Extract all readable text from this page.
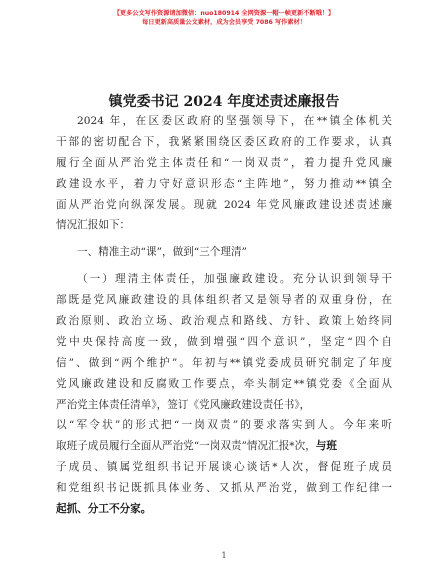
【更多公文写作资源请加微信：nuo180914 全网资源一帽一帧更新不断哦！】
每日更新高质量公文素材，成为会员享受 7086 写作素材！
镇党委书记 2024 年度述责述廉报告
2024 年，在区委区政府的坚强领导下，在**镇全体机关
干部的密切配合下，我紧紧围绕区委区政府的工作要求，认真
履行全面从严治党主体责任和“一岗双责”，着力提升党风廉
政建设水平，着力守好意识形态“主阵地”，努力推动**镇全
面从严治党向纵深发展。现就 2024 年党风廉政建设述责述廉
情况汇报如下：
一、精准主动“课”，做到“三个理清”
（一）理清主体责任，加强廉政建设。充分认识到领导干
部既是党风廉政建设的具体组织者又是领导者的双重身份，在
政治原则、政治立场、政治观点和路线、方针、政策上始终同
党中央保持高度一致，做到增强“四个意识”，坚定“四个自
信”、做到“两个维护”。年初与**镇党委成员研究制定了年度
党风廉政建设和反腐败工作要点，牵头制定**镇党委《全面从
严治党主体责任清单》，签订《党风廉政建设责任书》，
以“军令状”的形式把“一岗双责”的要求落实到人。今年来听
取班子成员履行全面从严治党“一岗双责”情况汇报*次，与班
子成员、镇属党组织书记开展谈心谈话*人次，督促班子成员
和党组织书记既抓具体业务、又抓从严治党，做到工作纪律一
起抓、分工不分家。
1
